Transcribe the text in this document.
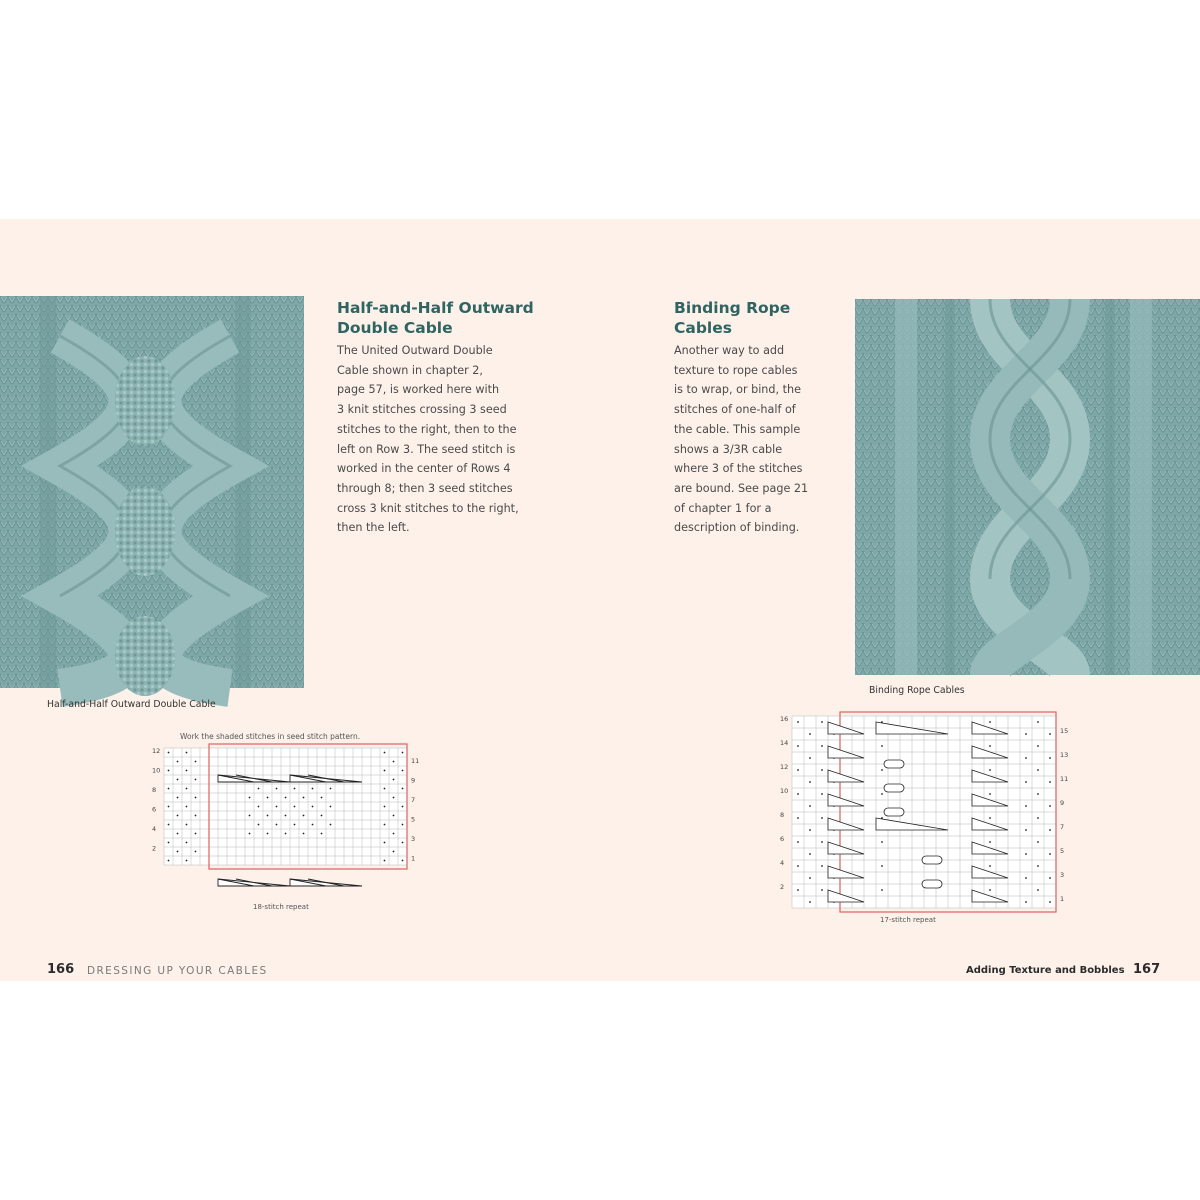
Half-and-Half Outward
Double Cable
The United Outward Double
Cable shown in chapter 2,
page 57, is worked here with
3 knit stitches crossing 3 seed
stitches to the right, then to the
left on Row 3. The seed stitch is
worked in the center of Rows 4
through 8; then 3 seed stitches
cross 3 knit stitches to the right,
then the left.
Half-and-Half Outward Double Cable
Work the shaded stitches in seed stitch pattern.
12
10
8
6
4
2
11
9
7
5
3
1
18-stitch repeat
166 DRESSING UP YOUR CABLES
Binding Rope
Cables
Another way to add
texture to rope cables
is to wrap, or bind, the
stitches of one-half of
the cable. This sample
shows a 3/3R cable
where 3 of the stitches
are bound. See page 21
of chapter 1 for a
description of binding.
Binding Rope Cables
16
14
12
10
8
6
4
2
15
13
11
9
7
5
3
1
17-stitch repeat
Adding Texture and Bobbles 167
